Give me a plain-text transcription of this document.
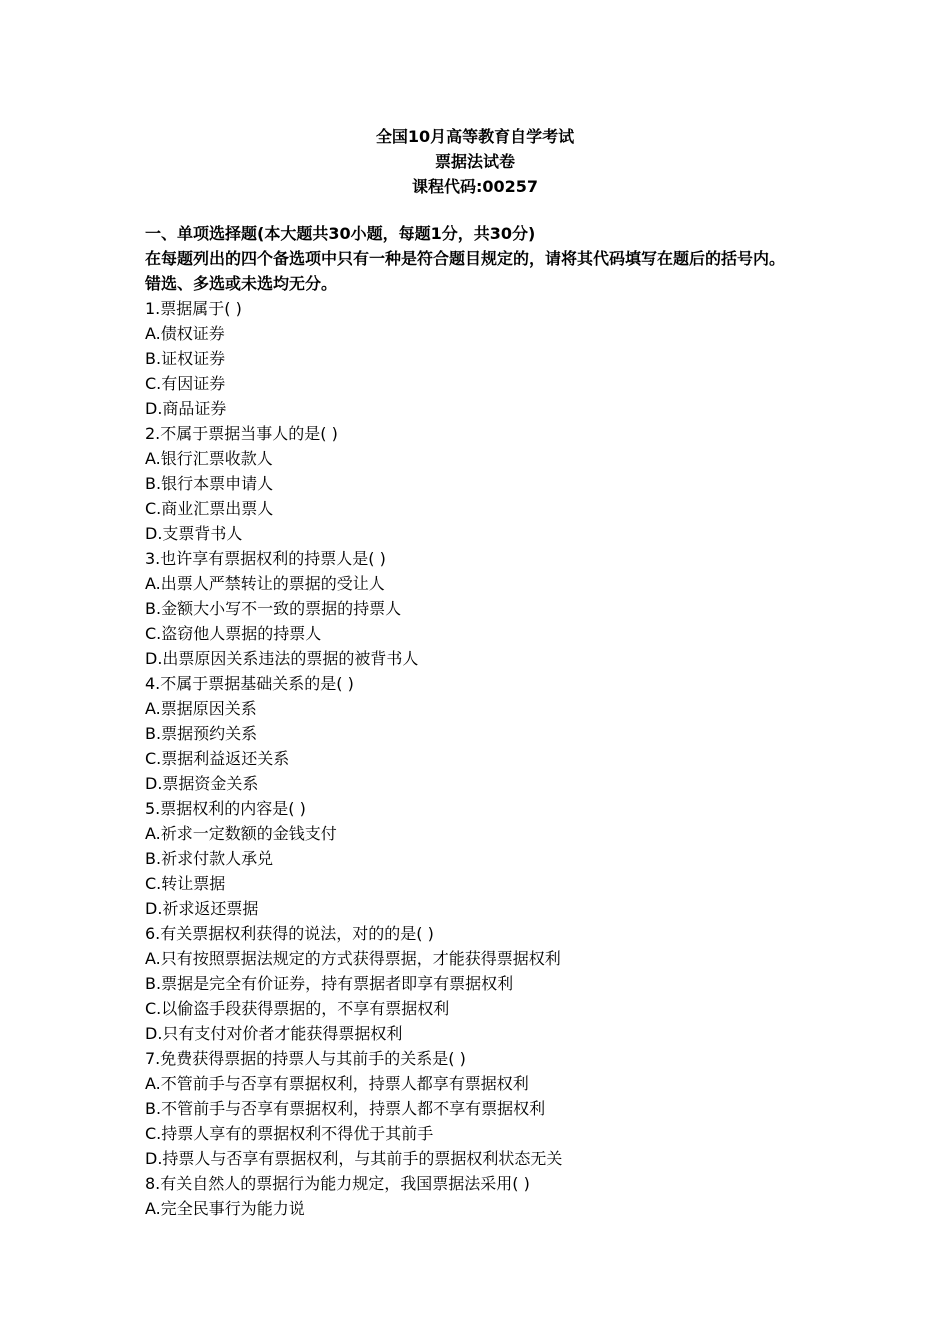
全国10月高等教育自学考试
票据法试卷
课程代码:00257
一、单项选择题(本大题共30小题，每题1分，共30分)
在每题列出的四个备选项中只有一种是符合题目规定的，请将其代码填写在题后的括号内。
错选、多选或未选均无分。
1.票据属于( )
A.债权证券
B.证权证券
C.有因证券
D.商品证券
2.不属于票据当事人的是( )
A.银行汇票收款人
B.银行本票申请人
C.商业汇票出票人
D.支票背书人
3.也许享有票据权利的持票人是( )
A.出票人严禁转让的票据的受让人
B.金额大小写不一致的票据的持票人
C.盗窃他人票据的持票人
D.出票原因关系违法的票据的被背书人
4.不属于票据基础关系的是( )
A.票据原因关系
B.票据预约关系
C.票据利益返还关系
D.票据资金关系
5.票据权利的内容是( )
A.祈求一定数额的金钱支付
B.祈求付款人承兑
C.转让票据
D.祈求返还票据
6.有关票据权利获得的说法，对的的是( )
A.只有按照票据法规定的方式获得票据，才能获得票据权利
B.票据是完全有价证券，持有票据者即享有票据权利
C.以偷盗手段获得票据的，不享有票据权利
D.只有支付对价者才能获得票据权利
7.免费获得票据的持票人与其前手的关系是( )
A.不管前手与否享有票据权利，持票人都享有票据权利
B.不管前手与否享有票据权利，持票人都不享有票据权利
C.持票人享有的票据权利不得优于其前手
D.持票人与否享有票据权利，与其前手的票据权利状态无关
8.有关自然人的票据行为能力规定，我国票据法采用( )
A.完全民事行为能力说
